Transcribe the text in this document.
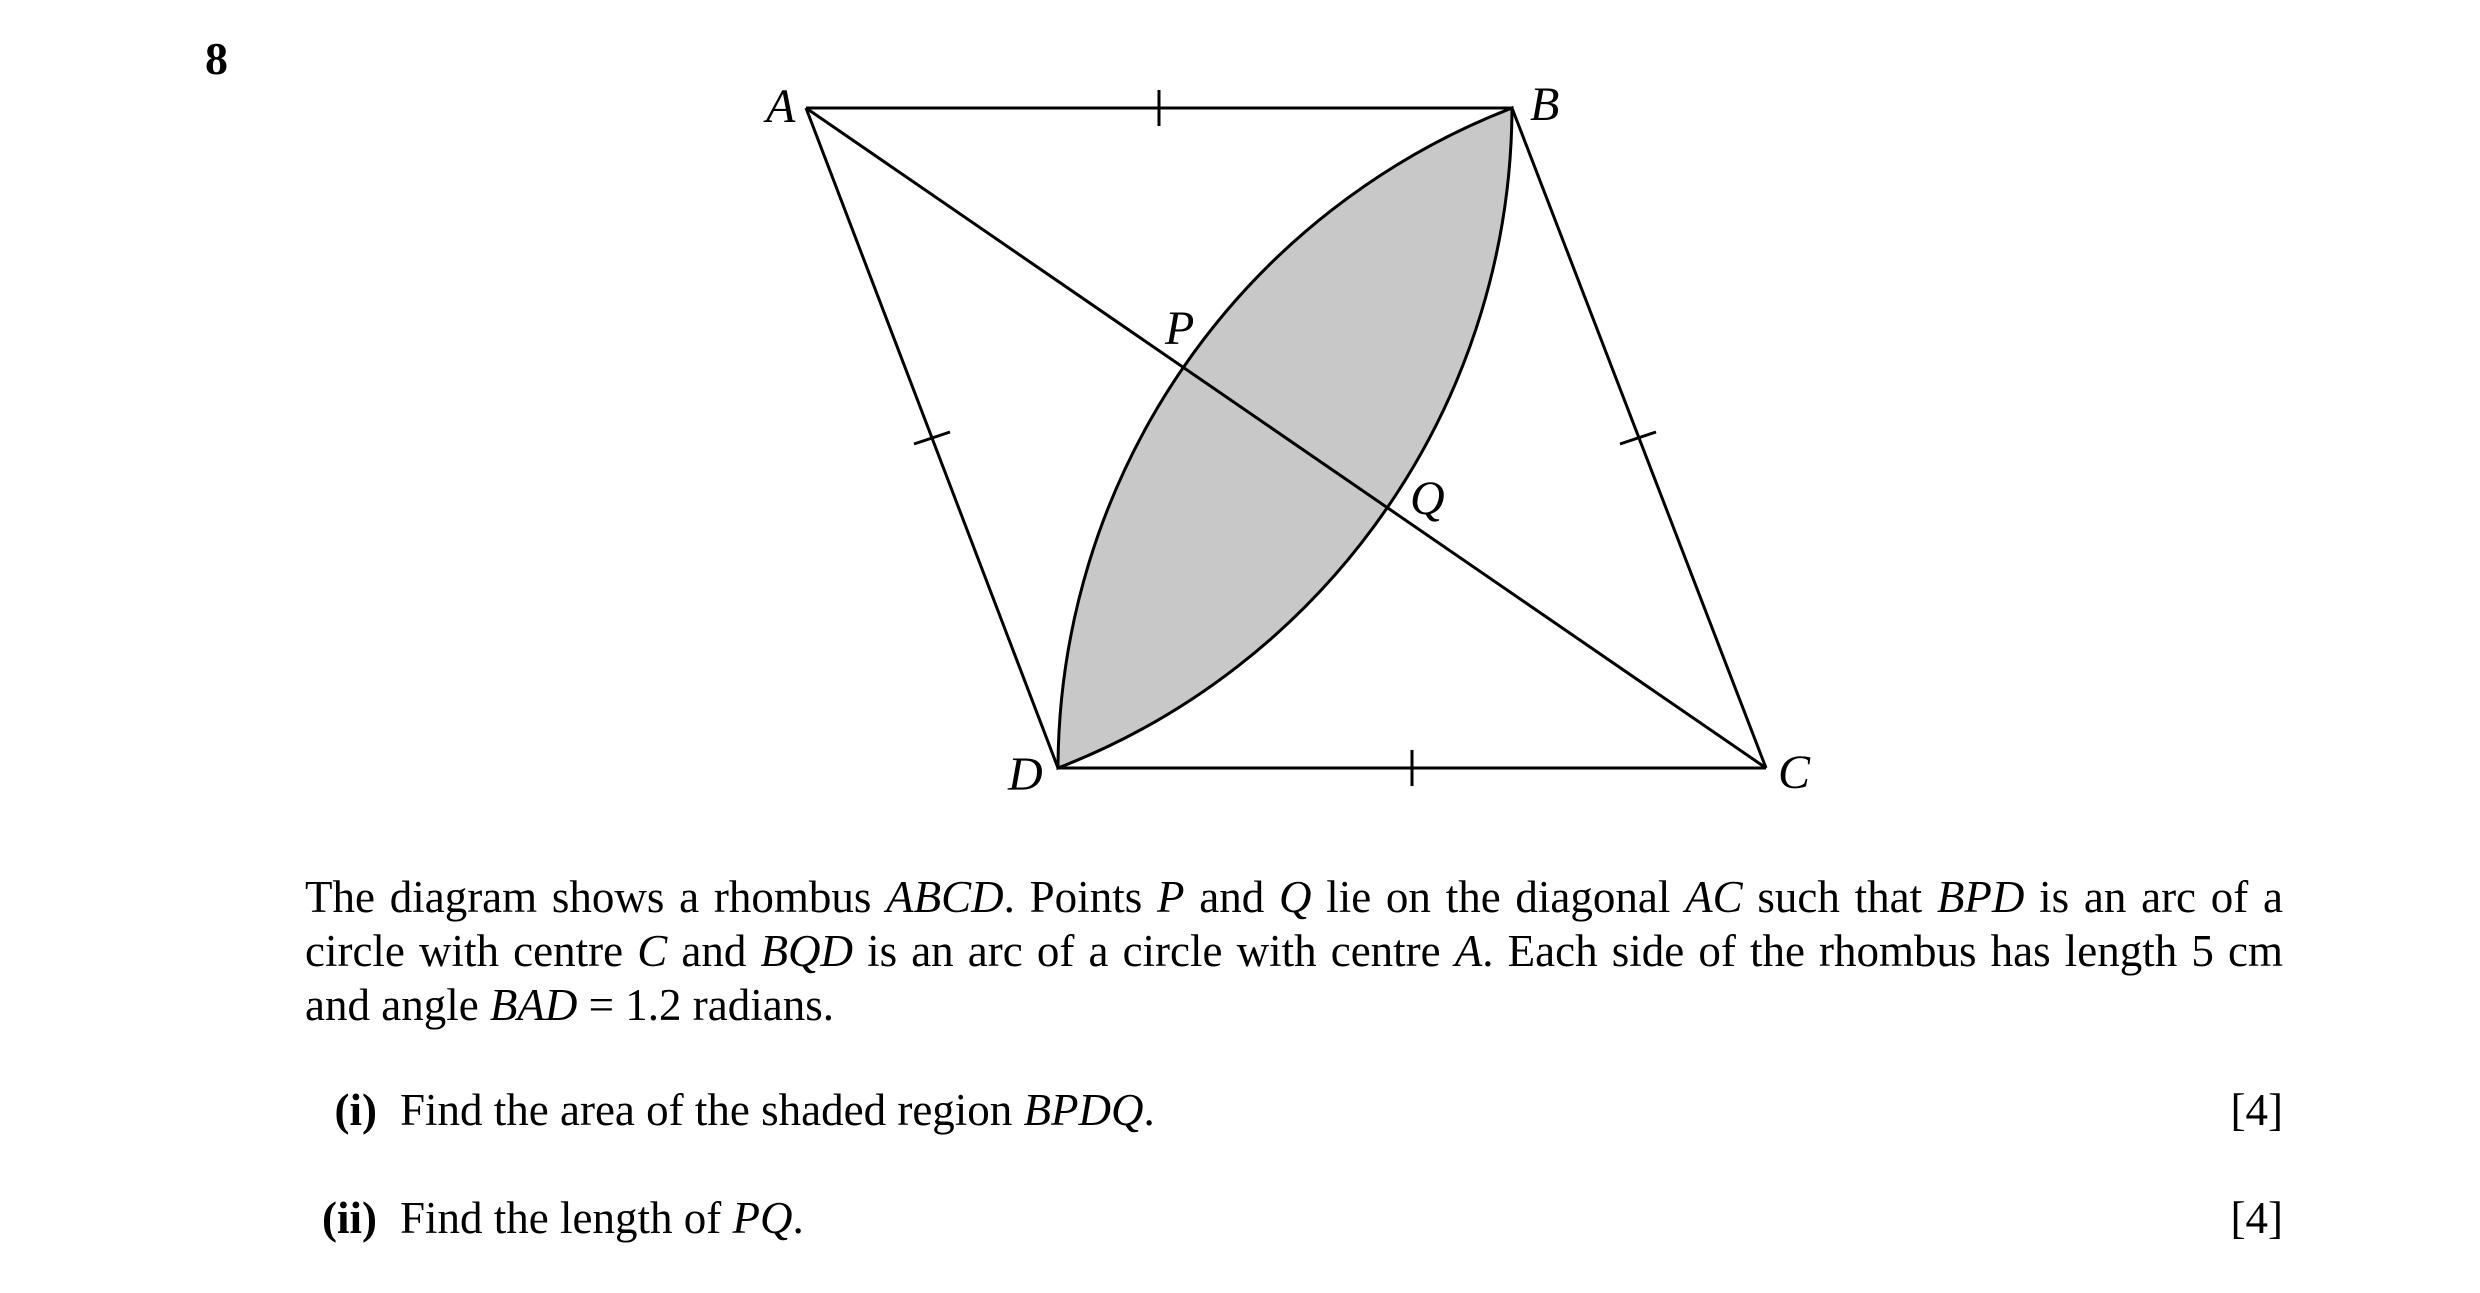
8
A	B
C
D
P
Q
The diagram shows a rhombus ABCD. Points P and Q lie on the diagonal AC such that BPD is an arc of a circle with centre C and BQD is an arc of a circle with centre A. Each side of the rhombus has length 5 cm and angle BAD = 1.2 radians.
(i) Find the area of the shaded region BPDQ.	[4]
(ii) Find the length of PQ.	[4]
